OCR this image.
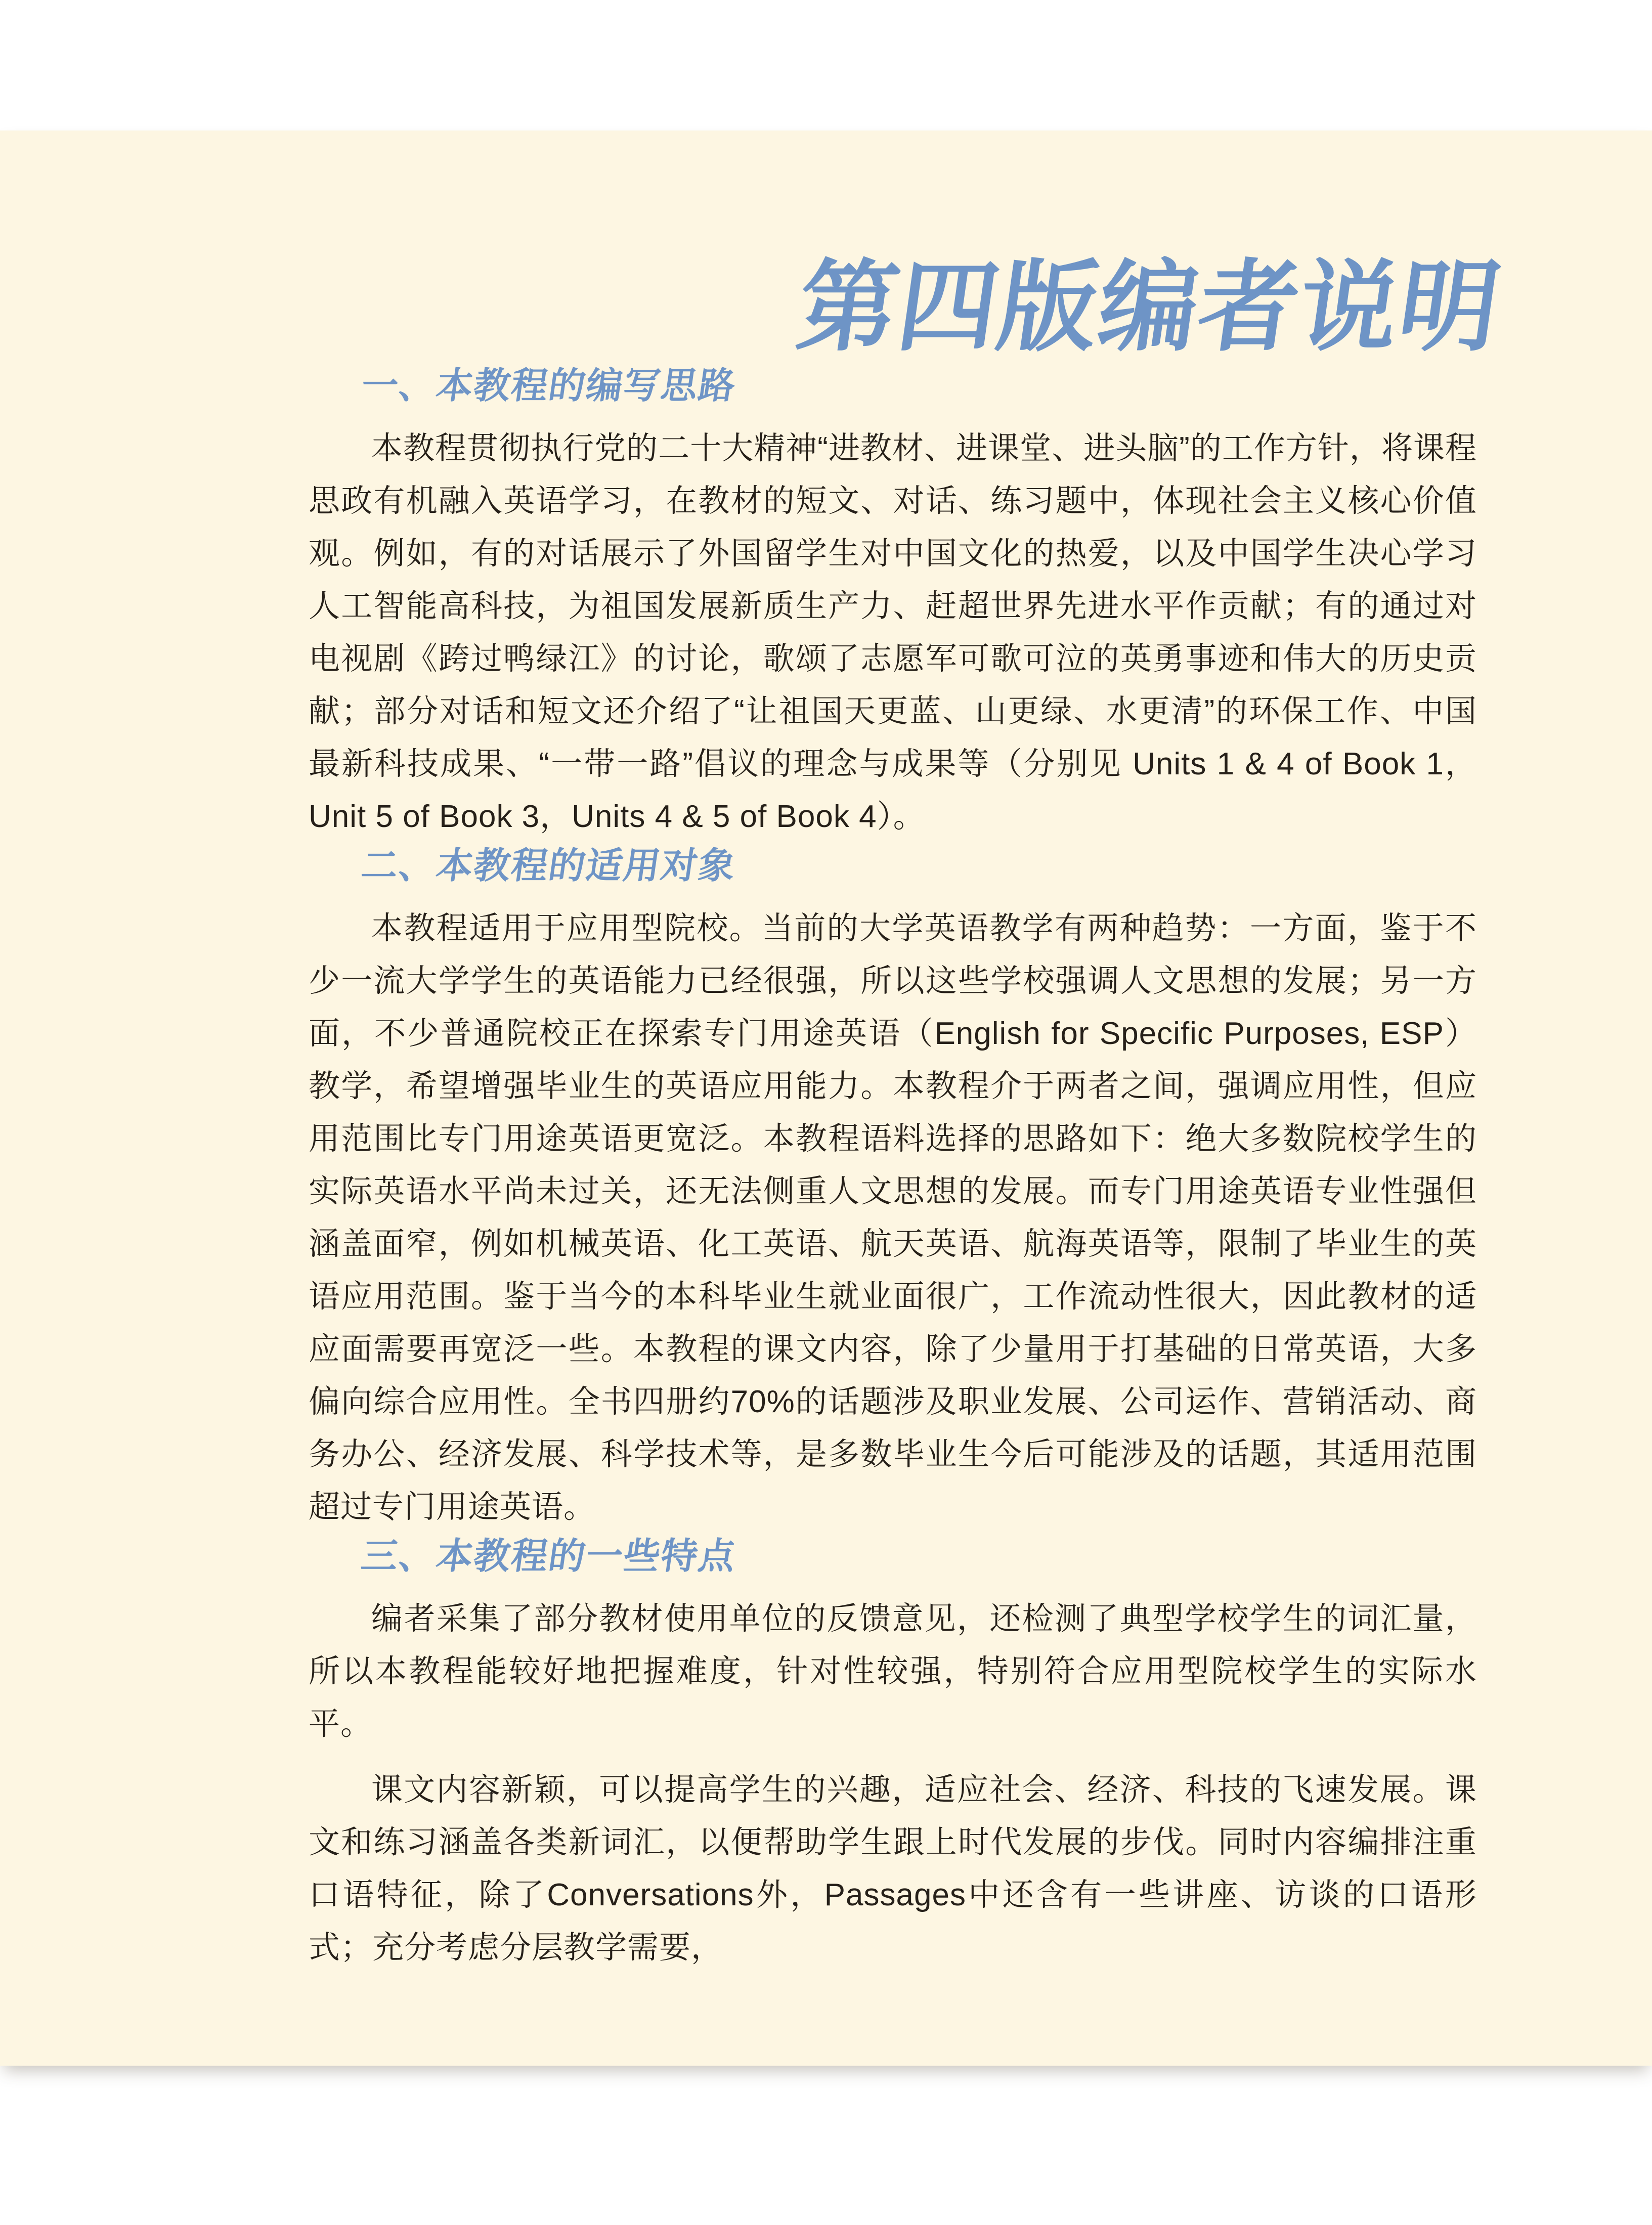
第四版编者说明
一、本教程的编写思路

本教程贯彻执行党的二十大精神“进教材、进课堂、进头脑”的工作方针，将课程思政有机融入英语学习，在教材的短文、对话、练习题中，体现社会主义核心价值观。例如，有的对话展示了外国留学生对中国文化的热爱，以及中国学生决心学习人工智能高科技，为祖国发展新质生产力、赶超世界先进水平作贡献；有的通过对电视剧《跨过鸭绿江》的讨论，歌颂了志愿军可歌可泣的英勇事迹和伟大的历史贡献；部分对话和短文还介绍了“让祖国天更蓝、山更绿、水更清”的环保工作、中国最新科技成果、“一带一路”倡议的理念与成果等（分别见 Units 1 & 4 of Book 1，Unit 5 of Book 3，Units 4 & 5 of Book 4）。

二、本教程的适用对象

本教程适用于应用型院校。当前的大学英语教学有两种趋势：一方面，鉴于不少一流大学学生的英语能力已经很强，所以这些学校强调人文思想的发展；另一方面，不少普通院校正在探索专门用途英语（English for Specific Purposes, ESP）教学，希望增强毕业生的英语应用能力。本教程介于两者之间，强调应用性，但应用范围比专门用途英语更宽泛。本教程语料选择的思路如下：绝大多数院校学生的实际英语水平尚未过关，还无法侧重人文思想的发展。而专门用途英语专业性强但涵盖面窄，例如机械英语、化工英语、航天英语、航海英语等，限制了毕业生的英语应用范围。鉴于当今的本科毕业生就业面很广，工作流动性很大，因此教材的适应面需要再宽泛一些。本教程的课文内容，除了少量用于打基础的日常英语，大多偏向综合应用性。全书四册约70%的话题涉及职业发展、公司运作、营销活动、商务办公、经济发展、科学技术等，是多数毕业生今后可能涉及的话题，其适用范围超过专门用途英语。

三、本教程的一些特点

编者采集了部分教材使用单位的反馈意见，还检测了典型学校学生的词汇量，所以本教程能较好地把握难度，针对性较强，特别符合应用型院校学生的实际水平。

课文内容新颖，可以提高学生的兴趣，适应社会、经济、科技的飞速发展。课文和练习涵盖各类新词汇，以便帮助学生跟上时代发展的步伐。同时内容编排注重口语特征，除了Conversations外，Passages中还含有一些讲座、访谈的口语形式；充分考虑分层教学需要，
